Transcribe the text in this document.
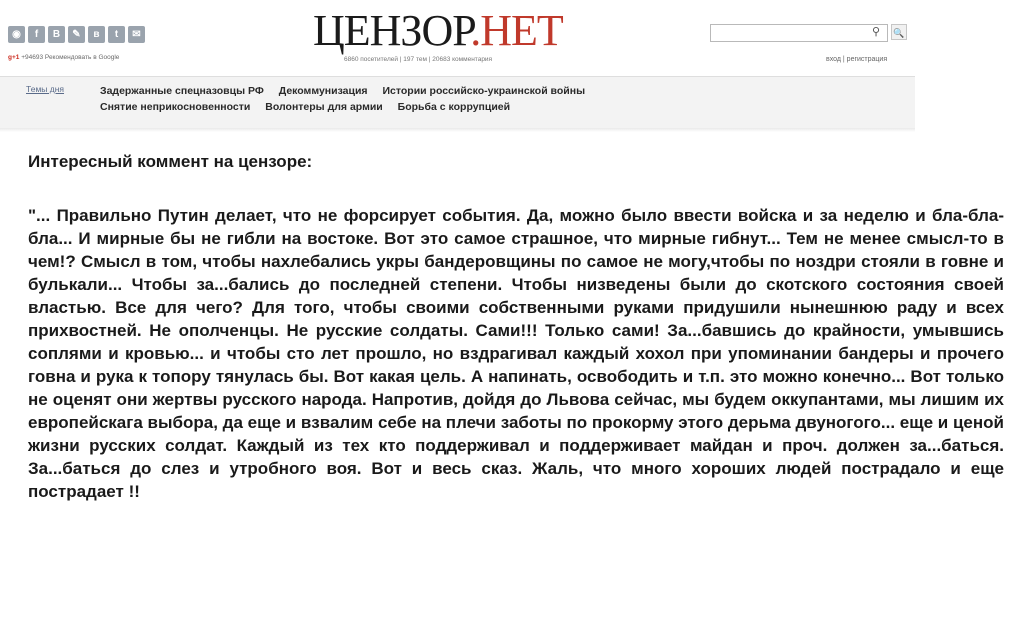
◉	f	B	✎	в	t	✉
g+1 +94693 Рекомендовать в Google
ЦЕНЗОР.НЕТ
6860 посетителей | 197 тем | 20683 комментария
⚲	🔍
вход | регистрация
Темы дня	Задержанные спецназовцы РФ Декоммунизация Истории российско-украинской войны
Снятие неприкосновенности Волонтеры для армии Борьба с коррупцией
Интересный коммент на цензоре:

"... Правильно Путин делает, что не форсирует события. Да, можно было ввести войска и за неделю и бла-бла-бла... И мирные бы не гибли на востоке. Вот это самое страшное, что мирные гибнут... Тем не менее смысл-то в чем!? Смысл в том, чтобы нахлебались укры бандеровщины по самое не могу,чтобы по ноздри стояли в говне и булькали... Чтобы за...бались до последней степени. Чтобы низведены были до скотского состояния своей властью. Все для чего? Для того, чтобы своими собственными руками придушили нынешнюю раду и всех прихвостней. Не ополченцы. Не русские солдаты. Сами!!! Только сами! За...бавшись до крайности, умывшись соплями и кровью... и чтобы сто лет прошло, но вздрагивал каждый хохол при упоминании бандеры и прочего говна и рука к топору тянулась бы. Вот какая цель. А напинать, освободить и т.п. это можно конечно... Вот только не оценят они жертвы русского народа. Напротив, дойдя до Львова сейчас, мы будем оккупантами, мы лишим их европейскага выбора, да еще и взвалим себе на плечи заботы по прокорму этого дерьма двуногого... еще и ценой жизни русских солдат. Каждый из тех кто поддерживал и поддерживает майдан и проч. должен за...баться. За...баться до слез и утробного воя. Вот и весь сказ. Жаль, что много хороших людей пострадало и еще пострадает !!
